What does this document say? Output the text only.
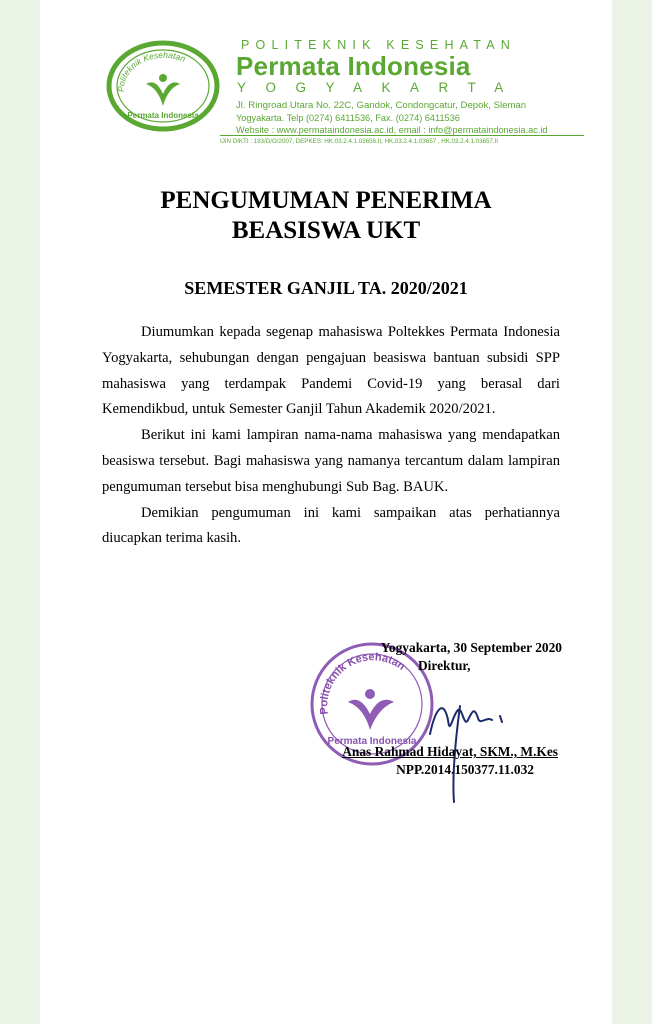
Politeknik Kesehatan
Permata Indonesia
POLITEKNIK KESEHATAN
Permata Indonesia
YOGYAKARTA
Jl. Ringroad Utara No. 22C, Gandok, Condongcatur, Depok, Sleman
Yogyakarta. Telp (0274) 6411536, Fax. (0274) 6411536
Website : www.permataindonesia.ac.id, email : info@permataindonesia.ac.id
IJIN DIKTI : 193/D/O/2007, DEPKES: HK.03.2.4.1.03656.II, HK.03.2.4.1.03657 , HK.03.2.4.1.03657.II
PENGUMUMAN PENERIMA
BEASISWA UKT
SEMESTER GANJIL TA. 2020/2021

Diumumkan kepada segenap mahasiswa Poltekkes Permata Indonesia Yogyakarta, sehubungan dengan pengajuan beasiswa bantuan subsidi SPP mahasiswa yang terdampak Pandemi Covid-19 yang berasal dari Kemendikbud, untuk Semester Ganjil Tahun Akademik 2020/2021.

Berikut ini kami lampiran nama-nama mahasiswa yang mendapatkan beasiswa tersebut. Bagi mahasiswa yang namanya tercantum dalam lampiran pengumuman tersebut bisa menghubungi Sub Bag. BAUK.

Demikian pengumuman ini kami sampaikan atas perhatiannya diucapkan terima kasih.

Politeknik Kesehatan
Permata Indonesia
Yogyakarta, 30 September 2020
Direktur,
Anas Rahmad Hidayat, SKM., M.Kes
NPP.2014.150377.11.032
